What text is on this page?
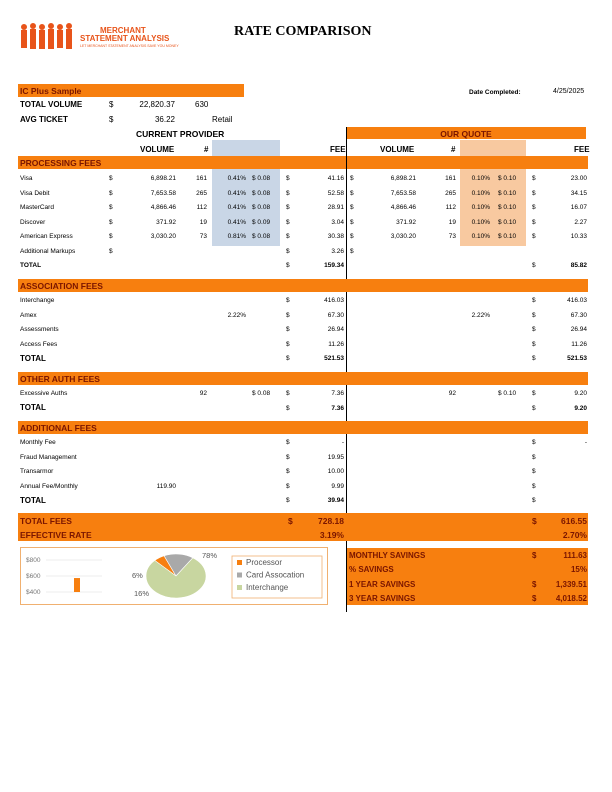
MERCHANT
STATEMENT ANALYSIS
LET MERCHANT STATEMENT ANALYSIS SAVE YOU MONEY
RATE COMPARISON
IC Plus Sample	Date Completed:	4/25/2025
TOTAL VOLUME	$	22,820.37	630
AVG TICKET	$	36.22	Retail
CURRENT PROVIDER	OUR QUOTE
VOLUME	#	FEE	VOLUME	#	FEE
PROCESSING FEES
Visa	$	6,898.21	161	0.41% $ 0.08 $	41.16 $	6,898.21	161	0.10% $ 0.10 $	23.00
Visa Debit	$	7,653.58	265	0.41% $ 0.08 $	52.58 $	7,653.58	265	0.10% $ 0.10 $	34.15
MasterCard	$	4,866.46	112	0.41% $ 0.08 $	28.91 $	4,866.46	112	0.10% $ 0.10 $	16.07
Discover	$	371.92	19	0.41% $ 0.09 $	3.04 $	371.92	19	0.10% $ 0.10 $	2.27
American Express	$	3,030.20	73	0.81% $ 0.08 $	30.38 $	3,030.20	73	0.10% $ 0.10 $	10.33
Additional Markups	$	$	3.26 $
TOTAL	$	159.34	$	85.82
ASSOCIATION FEES
Interchange	$	416.03	$	416.03
Amex	2.22%	$	67.30	2.22%	$	67.30
Assessments	$	26.94	$	26.94
Access Fees	$	11.26	$	11.26
TOTAL	$	521.53	$	521.53
OTHER AUTH FEES
Excessive Auths	92	$ 0.08 $	7.36	92	$ 0.10 $	9.20
TOTAL	$	7.36	$	9.20
ADDITIONAL FEES
Monthly Fee	$	-	$	-
Fraud Management	$	19.95	$
Transarmor	$	10.00	$
Annual Fee/Monthly	119.90	$	9.99	$
TOTAL	$	39.94	$
TOTAL FEES	$	728.18	$	616.55
EFFECTIVE RATE	3.19%	2.70%
$800
$600
$400
6%
16%
78%
Processor
Card Assocation
Interchange
MONTHLY SAVINGS	$	111.63
% SAVINGS	15%
1 YEAR SAVINGS	$	1,339.51
3 YEAR SAVINGS	$	4,018.52
